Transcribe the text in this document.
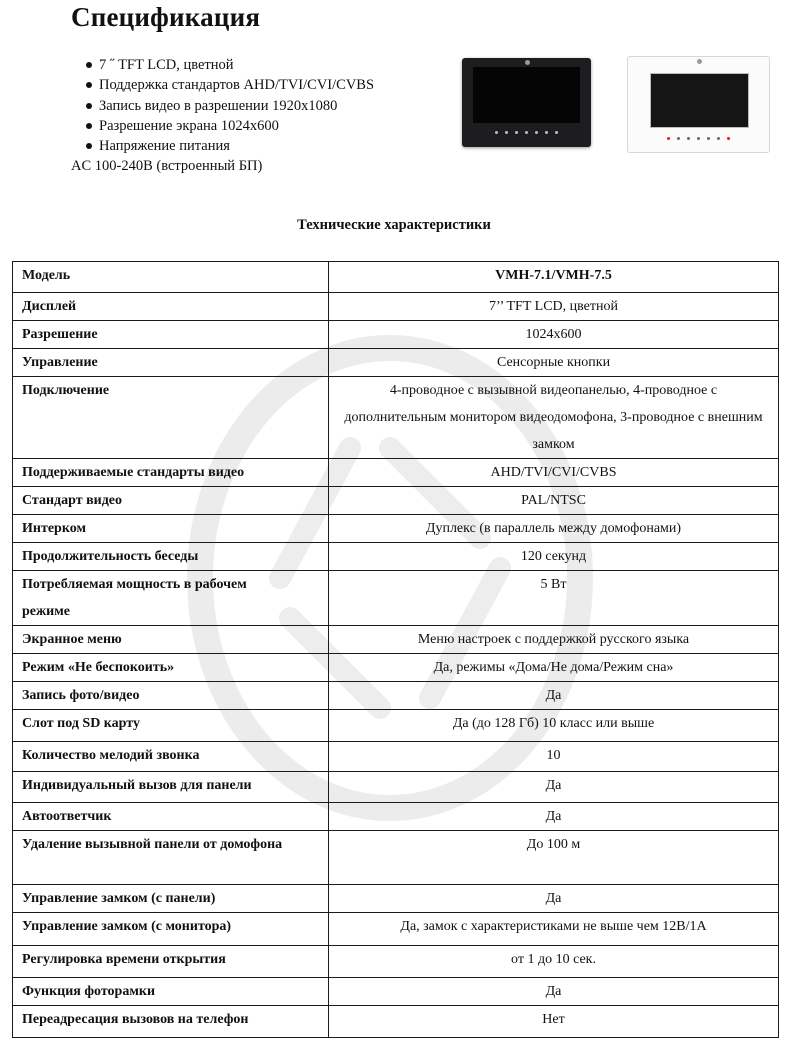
Спецификация
7 ˝ TFT LCD, цветной
Поддержка стандартов AHD/TVI/CVI/CVBS
Запись видео в разрешении 1920x1080
Разрешение экрана 1024x600
Напряжение питания
AC 100-240В (встроенный БП)
Технические характеристики
Модель	VMH-7.1/VMH-7.5
Дисплей	7’’ TFT LCD, цветной
Разрешение	1024x600
Управление	Сенсорные кнопки
Подключение	4-проводное с вызывной видеопанелью, 4-проводное с дополнительным монитором видеодомофона, 3-проводное с внешним замком

Поддерживаемые стандарты видео	AHD/TVI/CVI/CVBS
Стандарт видео	PAL/NTSC
Интерком	Дуплекс (в параллель между домофонами)
Продолжительность беседы	120 секунд
Потребляемая мощность в рабочем режиме	5 Вт
Экранное меню	Меню настроек с поддержкой русского языка
Режим «Не беспокоить»	Да, режимы «Дома/Не дома/Режим сна»
Запись фото/видео	Да
Слот под SD карту	Да (до 128 Гб) 10 класс или выше
Количество мелодий звонка	10
Индивидуальный вызов для панели	Да
Автоответчик	Да
Удаление вызывной панели от домофона	До 100 м
Управление замком (с панели)	Да
Управление замком (с монитора)	Да, замок с характеристиками не выше чем 12В/1А
Регулировка времени открытия	от 1 до 10 сек.
Функция фоторамки	Да
Переадресация вызовов на телефон	Нет
